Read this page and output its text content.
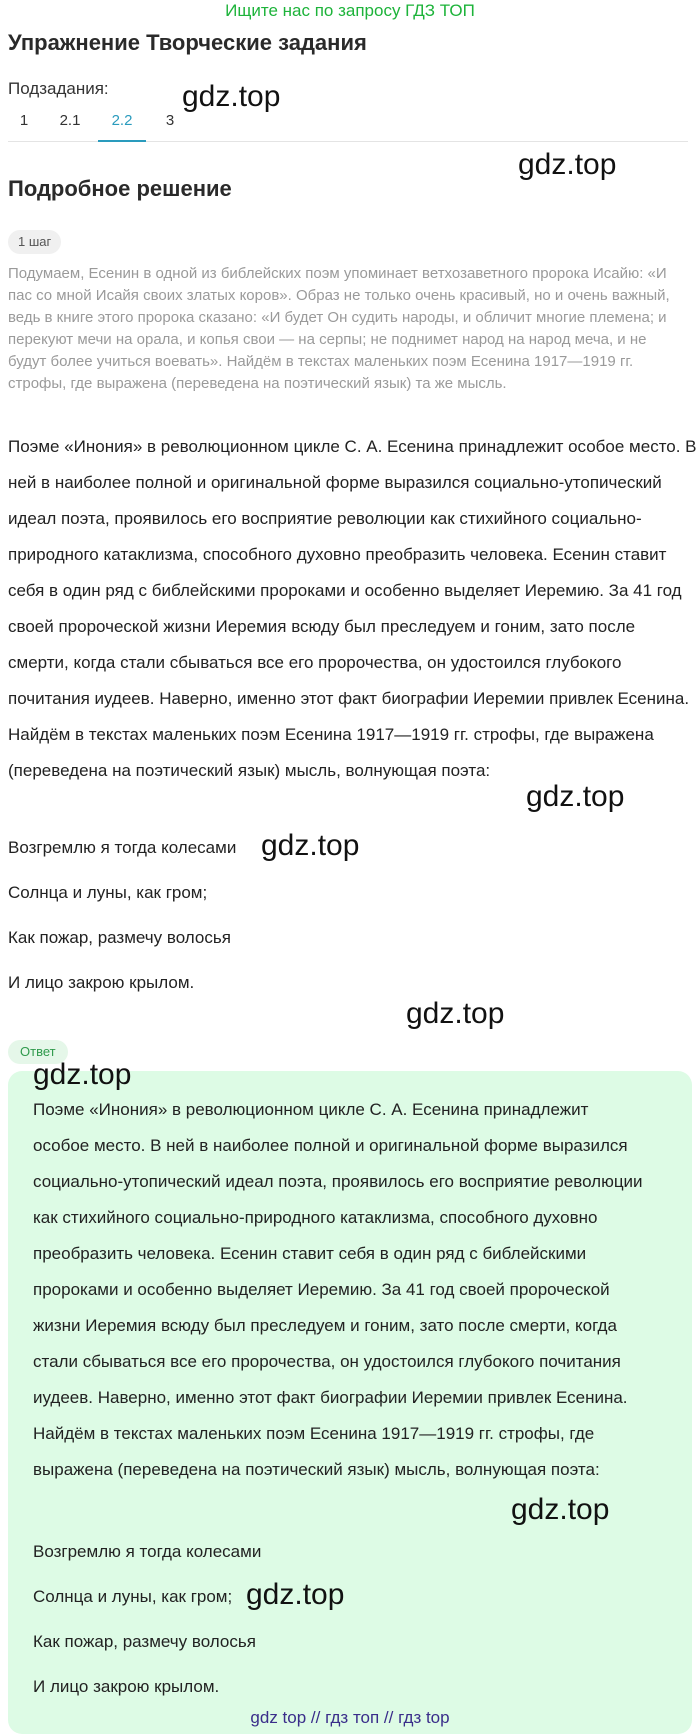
Ищите нас по запросу ГДЗ ТОП
Упражнение Творческие задания
Подзадания:
1	2.1	2.2	3
gdz.top
gdz.top
Подробное решение
1 шаг
Подумаем, Есенин в одной из библейских поэм упоминает ветхозаветного пророка Исайю: «И пас со мной Исайя своих златых коров». Образ не только очень красивый, но и очень важный, ведь в книге этого пророка сказано: «И будет Он судить народы, и обличит многие племена; и перекуют мечи на орала, и копья свои — на серпы; не поднимет народ на народ меча, и не будут более учиться воевать». Найдём в текстах маленьких поэм Есенина 1917—1919 гг. строфы, где выражена (переведена на поэтический язык) та же мысль.
Поэме «Инония» в революционном цикле С. А. Есенина принадлежит особое место. В ней в наиболее полной и оригинальной форме выразился социально-утопический идеал поэта, проявилось его восприятие революции как стихийного социально-природного катаклизма, способного духовно преобразить человека. Есенин ставит себя в один ряд с библейскими пророками и особенно выделяет Иеремию. За 41 год своей пророческой жизни Иеремия всюду был преследуем и гоним, зато после смерти, когда стали сбываться все его пророчества, он удостоился глубокого почитания иудеев. Наверно, именно этот факт биографии Иеремии привлек Есенина. Найдём в текстах маленьких поэм Есенина 1917—1919 гг. строфы, где выражена (переведена на поэтический язык) мысль, волнующая поэта:
gdz.top
Возгремлю я тогда колесами gdz.top
Солнца и луны, как гром;
Как пожар, размечу волосья
И лицо закрою крылом.
gdz.top
Ответ
gdz.top
Поэме «Инония» в революционном цикле С. А. Есенина принадлежит особое место. В ней в наиболее полной и оригинальной форме выразился социально-утопический идеал поэта, проявилось его восприятие революции как стихийного социально-природного катаклизма, способного духовно преобразить человека. Есенин ставит себя в один ряд с библейскими пророками и особенно выделяет Иеремию. За 41 год своей пророческой жизни Иеремия всюду был преследуем и гоним, зато после смерти, когда стали сбываться все его пророчества, он удостоился глубокого почитания иудеев. Наверно, именно этот факт биографии Иеремии привлек Есенина. Найдём в текстах маленьких поэм Есенина 1917—1919 гг. строфы, где выражена (переведена на поэтический язык) мысль, волнующая поэта:
gdz.top
Возгремлю я тогда колесами
Солнца и луны, как гром; gdz.top
Как пожар, размечу волосья
И лицо закрою крылом.
gdz top // гдз топ // гдз top
